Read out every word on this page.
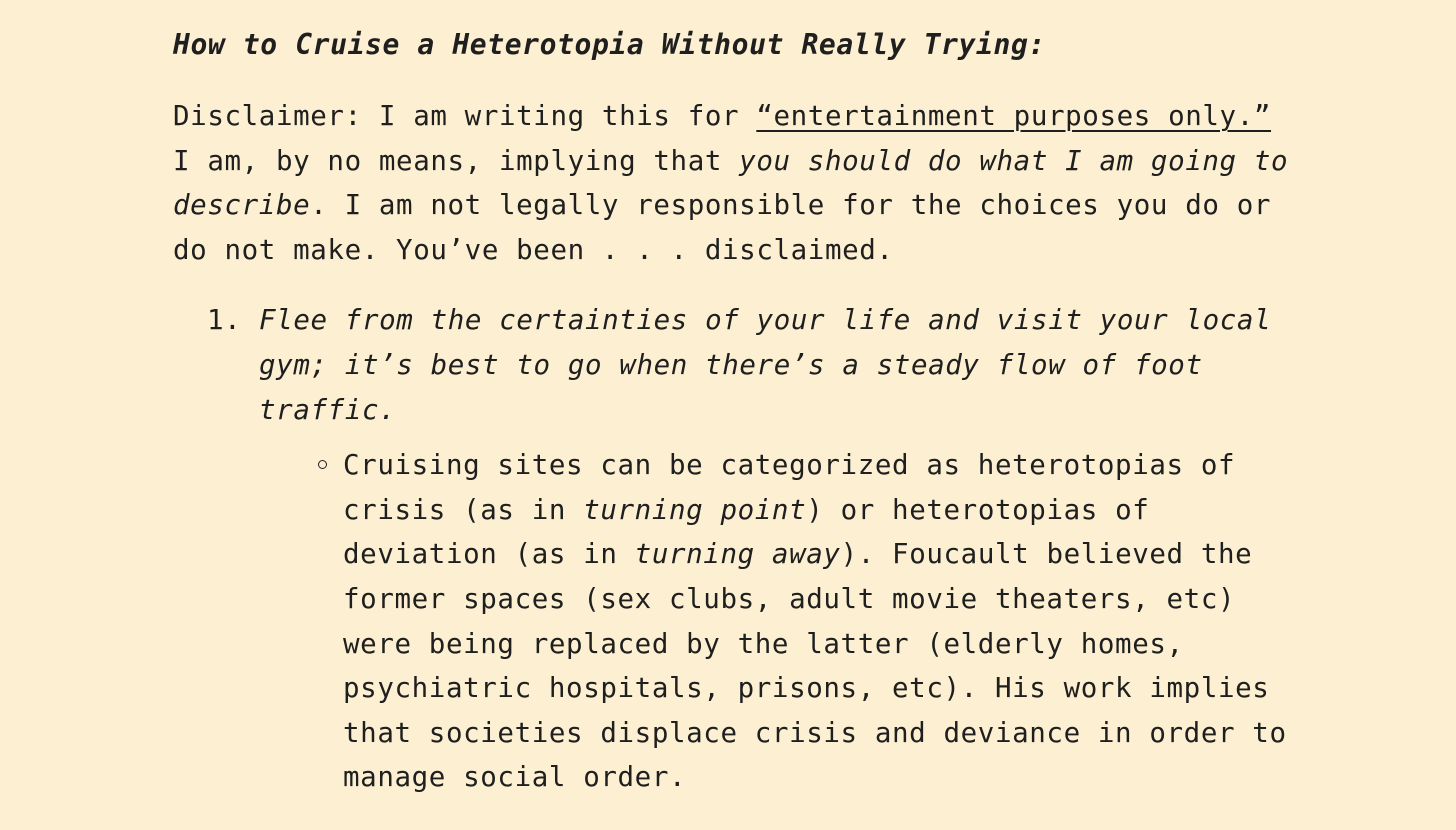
How to Cruise a Heterotopia Without Really Trying:

Disclaimer: I am writing this for “entertainment purposes only.” I am, by no means, implying that you should do what I am going to describe. I am not legally responsible for the choices you do or do not make. You’ve been . . . disclaimed.

1. Flee from the certainties of your life and visit your local gym; it’s best to go when there’s a steady flow of foot traffic.
Cruising sites can be categorized as heterotopias of crisis (as in turning point) or heterotopias of deviation (as in turning away). Foucault believed the former spaces (sex clubs, adult movie theaters, etc) were being replaced by the latter (elderly homes, psychiatric hospitals, prisons, etc). His work implies that societies displace crisis and deviance in order to manage social order.
